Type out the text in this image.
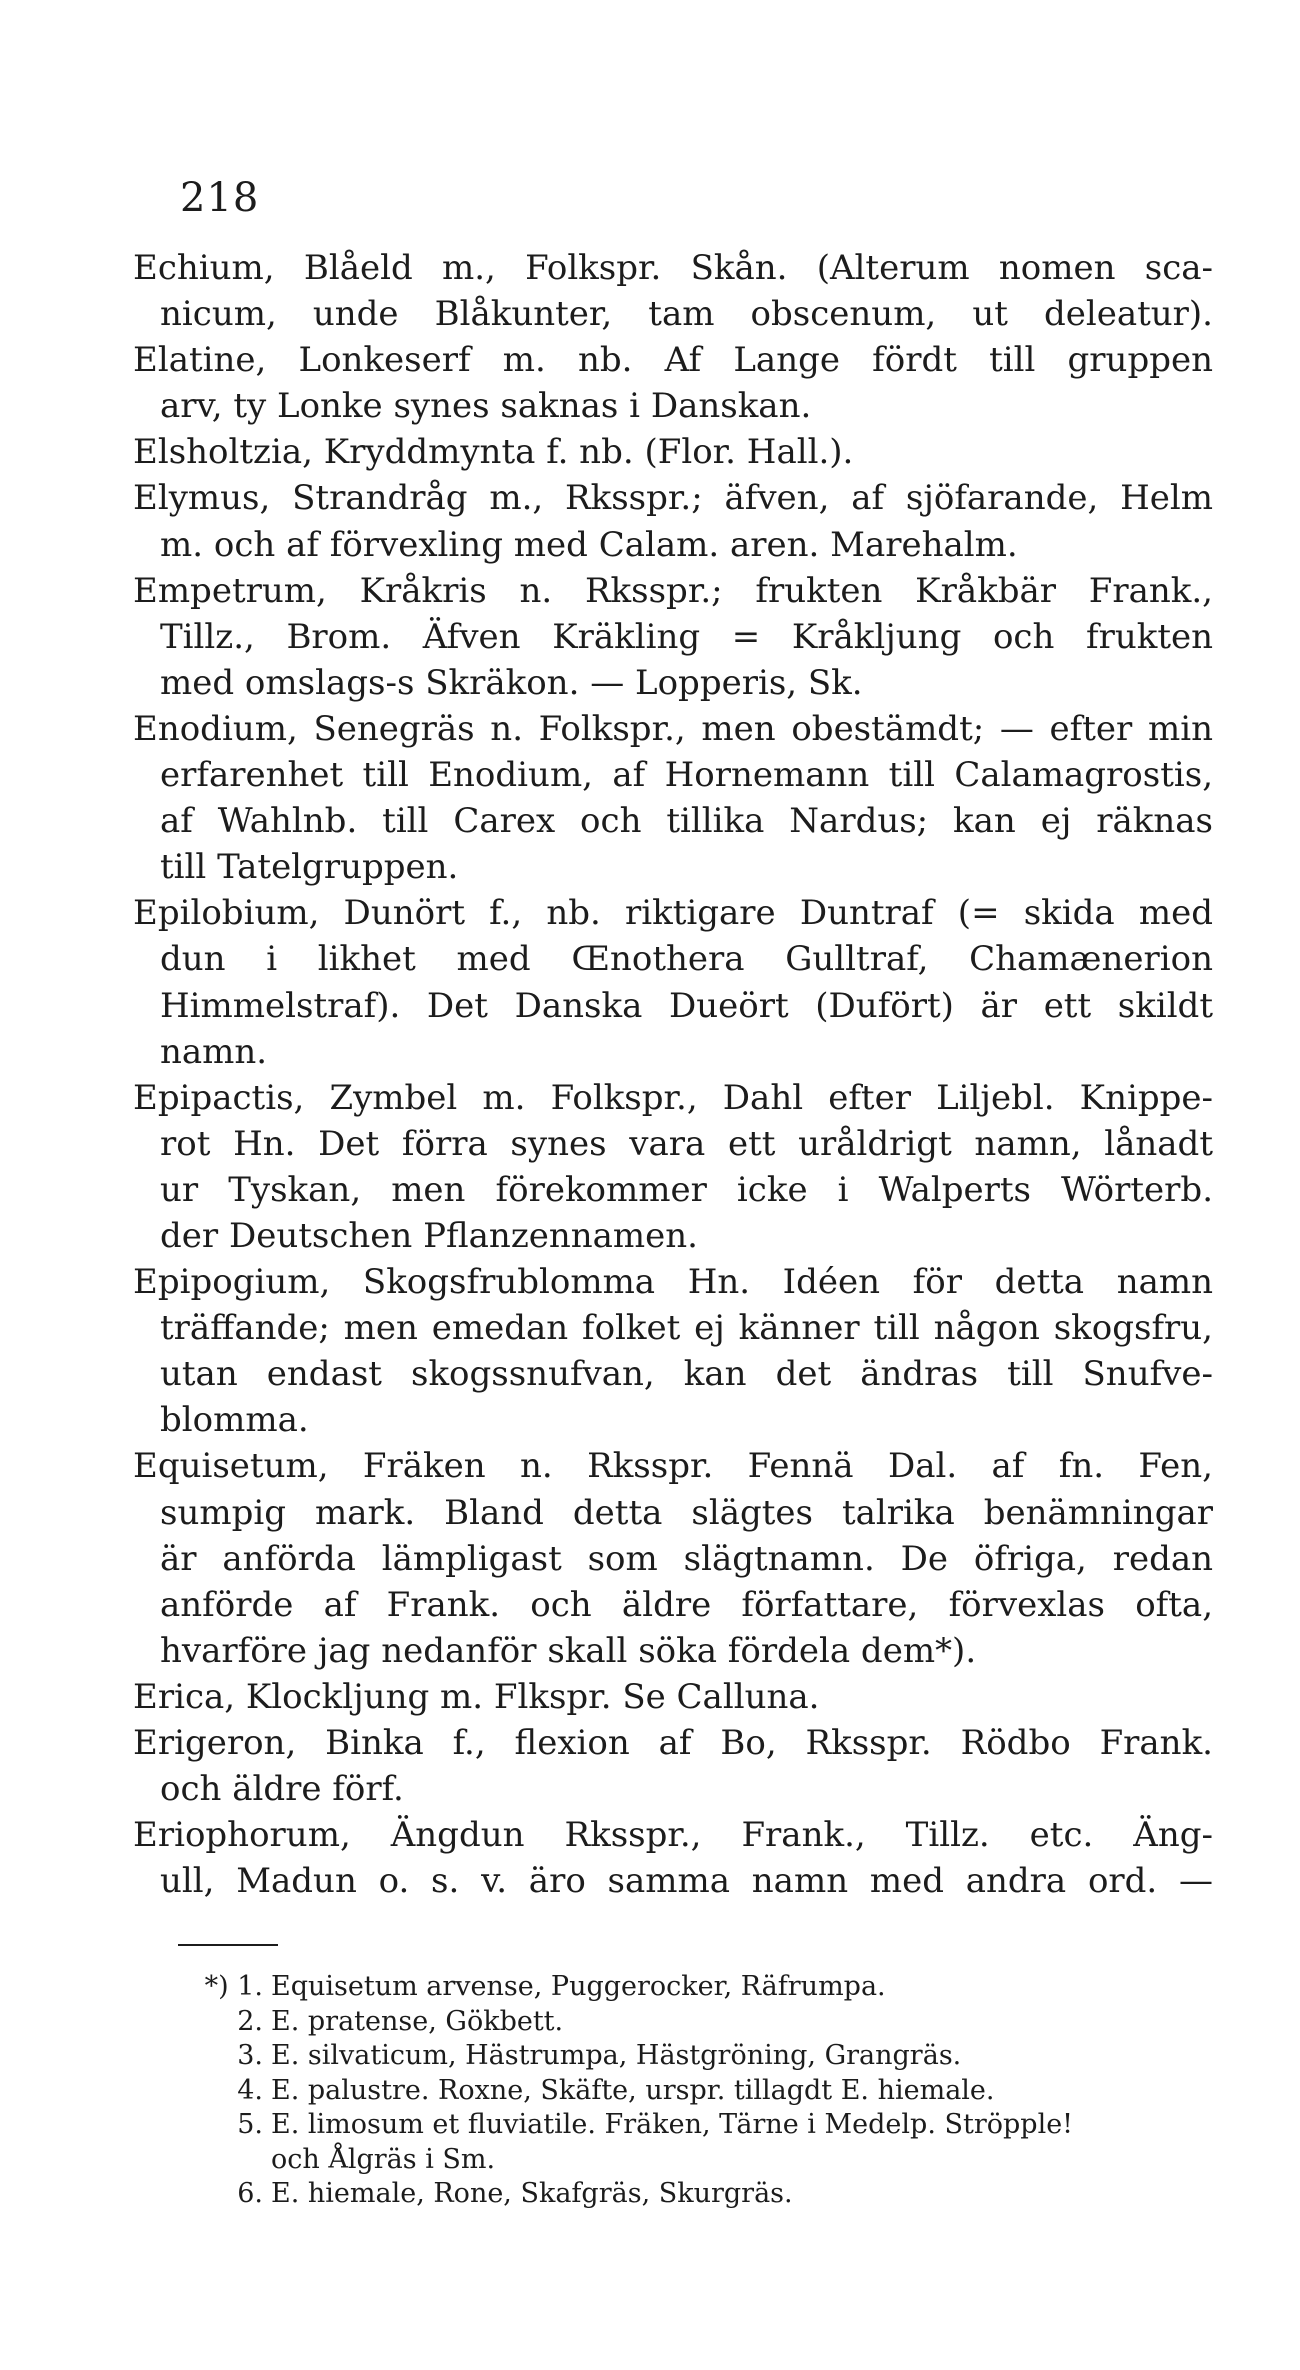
218
Echium, Blåeld m., Folkspr. Skån. (Alterum nomen sca-
nicum, unde Blåkunter, tam obscenum, ut deleatur).
Elatine, Lonkeserf m. nb. Af Lange fördt till gruppen
arv, ty Lonke synes saknas i Danskan.
Elsholtzia, Kryddmynta f. nb. (Flor. Hall.).
Elymus, Strandråg m., Rksspr.; äfven, af sjöfarande, Helm
m. och af förvexling med Calam. aren. Marehalm.
Empetrum, Kråkris n. Rksspr.; frukten Kråkbär Frank.,
Tillz., Brom. Äfven Kräkling = Kråkljung och frukten
med omslags-s Skräkon. — Lopperis, Sk.
Enodium, Senegräs n. Folkspr., men obestämdt; — efter min
erfarenhet till Enodium, af Hornemann till Calamagrostis,
af Wahlnb. till Carex och tillika Nardus; kan ej räknas
till Tatelgruppen.
Epilobium, Dunört f., nb. riktigare Duntraf (= skida med
dun i likhet med Œnothera Gulltraf, Chamænerion
Himmelstraf). Det Danska Dueört (Dufört) är ett skildt
namn.
Epipactis, Zymbel m. Folkspr., Dahl efter Liljebl. Knippe-
rot Hn. Det förra synes vara ett uråldrigt namn, lånadt
ur Tyskan, men förekommer icke i Walperts Wörterb.
der Deutschen Pflanzennamen.
Epipogium, Skogsfrublomma Hn. Idéen för detta namn
träffande; men emedan folket ej känner till någon skogsfru,
utan endast skogssnufvan, kan det ändras till Snufve-
blomma.
Equisetum, Fräken n. Rksspr. Fennä Dal. af fn. Fen,
sumpig mark. Bland detta slägtes talrika benämningar
är anförda lämpligast som slägtnamn. De öfriga, redan
anförde af Frank. och äldre författare, förvexlas ofta,
hvarföre jag nedanför skall söka fördela dem*).
Erica, Klockljung m. Flkspr. Se Calluna.
Erigeron, Binka f., flexion af Bo, Rksspr. Rödbo Frank.
och äldre förf.
Eriophorum, Ängdun Rksspr., Frank., Tillz. etc. Äng-
ull, Madun o. s. v. äro samma namn med andra ord. —
*) 1. Equisetum arvense, Puggerocker, Räfrumpa.
2. E. pratense, Gökbett.
3. E. silvaticum, Hästrumpa, Hästgröning, Grangräs.
4. E. palustre. Roxne, Skäfte, urspr. tillagdt E. hiemale.
5. E. limosum et fluviatile. Fräken, Tärne i Medelp. Ströpple!
och Ålgräs i Sm.
6. E. hiemale, Rone, Skafgräs, Skurgräs.
